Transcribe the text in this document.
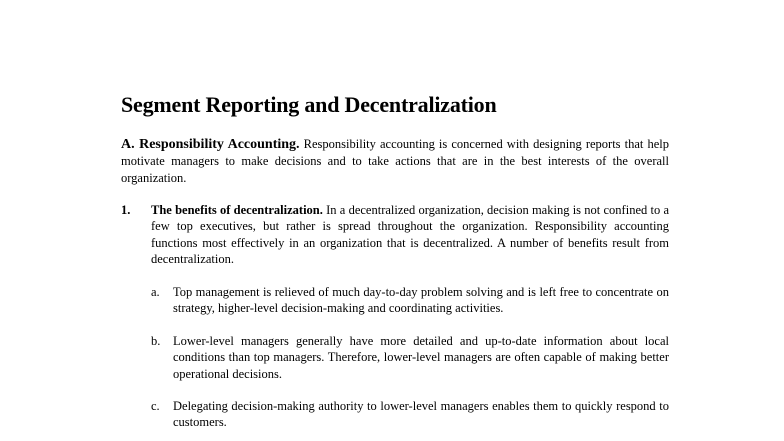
Segment Reporting and Decentralization

A. Responsibility Accounting. Responsibility accounting is concerned with designing reports that help motivate managers to make decisions and to take actions that are in the best interests of the overall organization.

1. The benefits of decentralization. In a decentralized organization, decision making is not confined to a few top executives, but rather is spread throughout the organization. Responsibility accounting functions most effectively in an organization that is decentralized. A number of benefits result from decentralization.

a. Top management is relieved of much day-to-day problem solving and is left free to concentrate on strategy, higher-level decision-making and coordinating activities.

b. Lower-level managers generally have more detailed and up-to-date information about local conditions than top managers. Therefore, lower-level managers are often capable of making better operational decisions.

c. Delegating decision-making authority to lower-level managers enables them to quickly respond to customers.
